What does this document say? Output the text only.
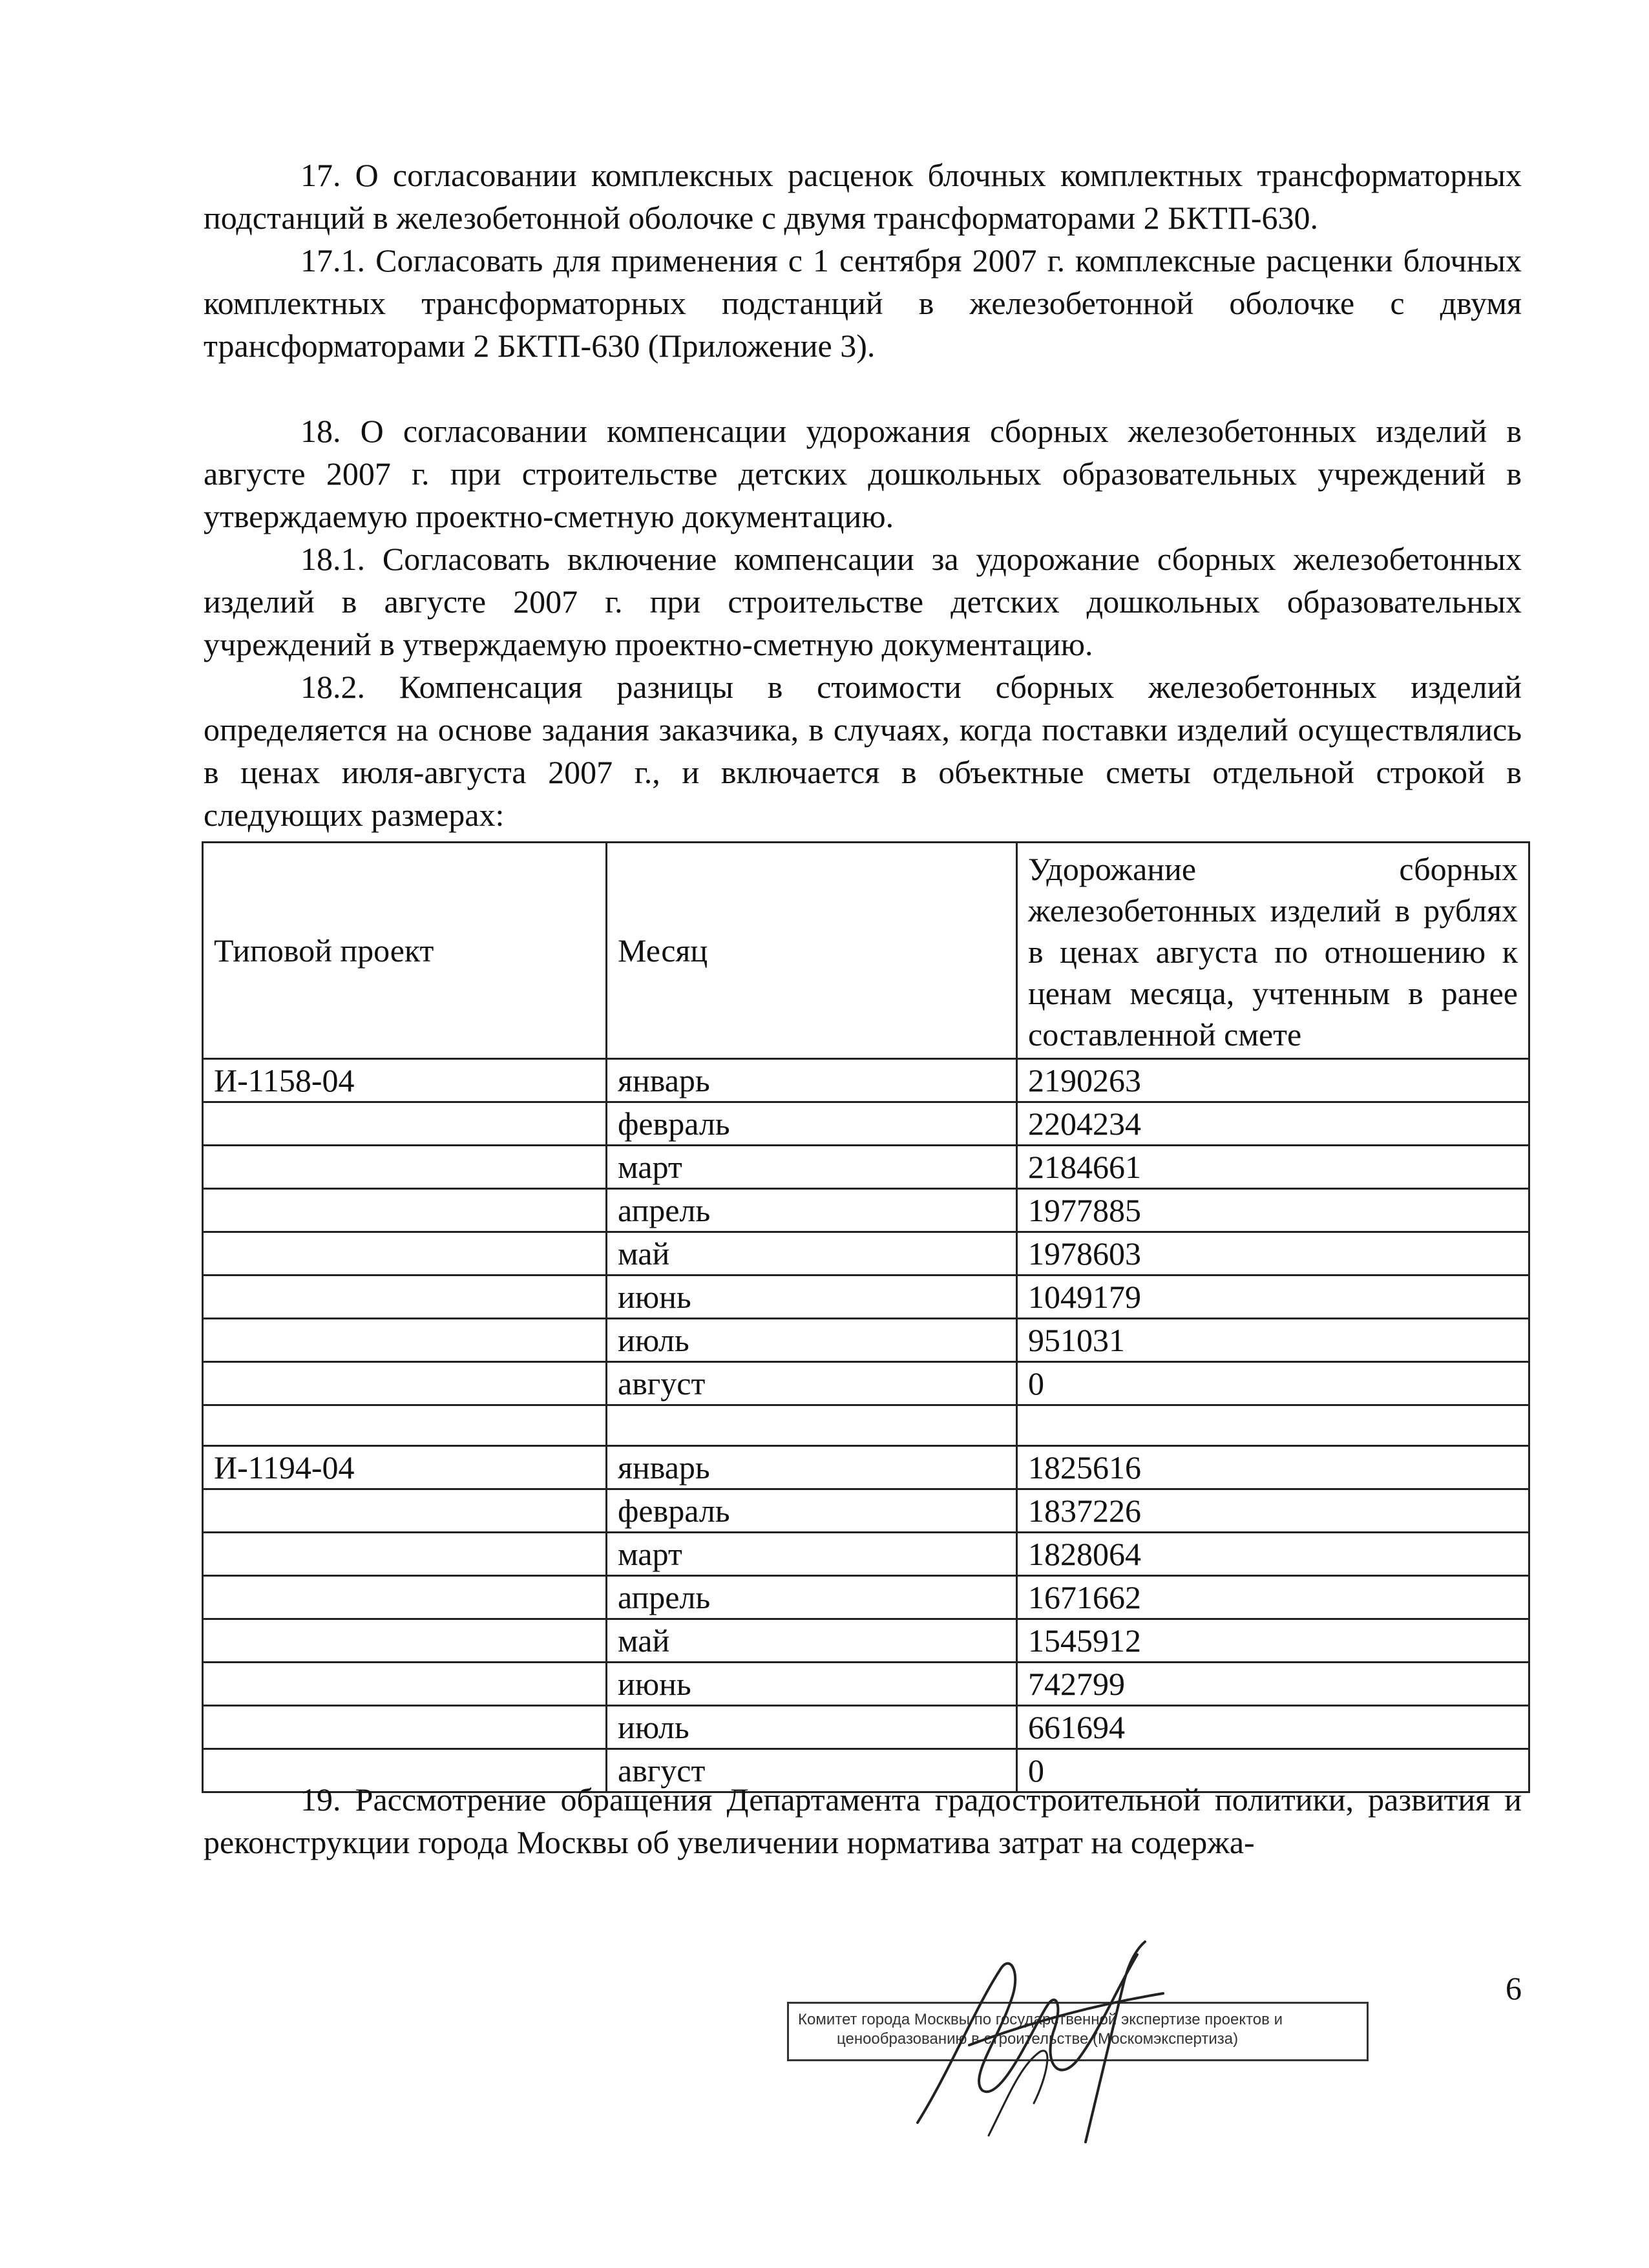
17. О согласовании комплексных расценок блочных комплектных трансформаторных подстанций в железобетонной оболочке с двумя трансформаторами 2 БКТП-630.

17.1. Согласовать для применения с 1 сентября 2007 г. комплексные расценки блочных комплектных трансформаторных подстанций в железобетонной оболочке с двумя трансформаторами 2 БКТП-630 (Приложение 3).

18. О согласовании компенсации удорожания сборных железобетонных изделий в августе 2007 г. при строительстве детских дошкольных образовательных учреждений в утверждаемую проектно-сметную документацию.

18.1. Согласовать включение компенсации за удорожание сборных железобетонных изделий в августе 2007 г. при строительстве детских дошкольных образовательных учреждений в утверждаемую проектно-сметную документацию.

18.2. Компенсация разницы в стоимости сборных железобетонных изделий определяется на основе задания заказчика, в случаях, когда поставки изделий осуществлялись в ценах июля-августа 2007 г., и включается в объектные сметы отдельной строкой в следующих размерах:

Типовой проект	Месяц	Удорожание сборных железобетонных изделий в рублях в ценах августа по отношению к ценам месяца, учтенным в ранее составленной смете
И-1158-04	январь	2190263
	февраль	2204234
	март	2184661
	апрель	1977885
	май	1978603
	июнь	1049179
	июль	951031
	август	0

И-1194-04	январь	1825616
	февраль	1837226
	март	1828064
	апрель	1671662
	май	1545912
	июнь	742799
	июль	661694
	август	0

19. Рассмотрение обращения Департамента градостроительной политики, развития и реконструкции города Москвы об увеличении норматива затрат на содержа-

6
Комитет города Москвы по государственной экспертизе проектов и
ценообразованию в строительстве (Москомэкспертиза)
